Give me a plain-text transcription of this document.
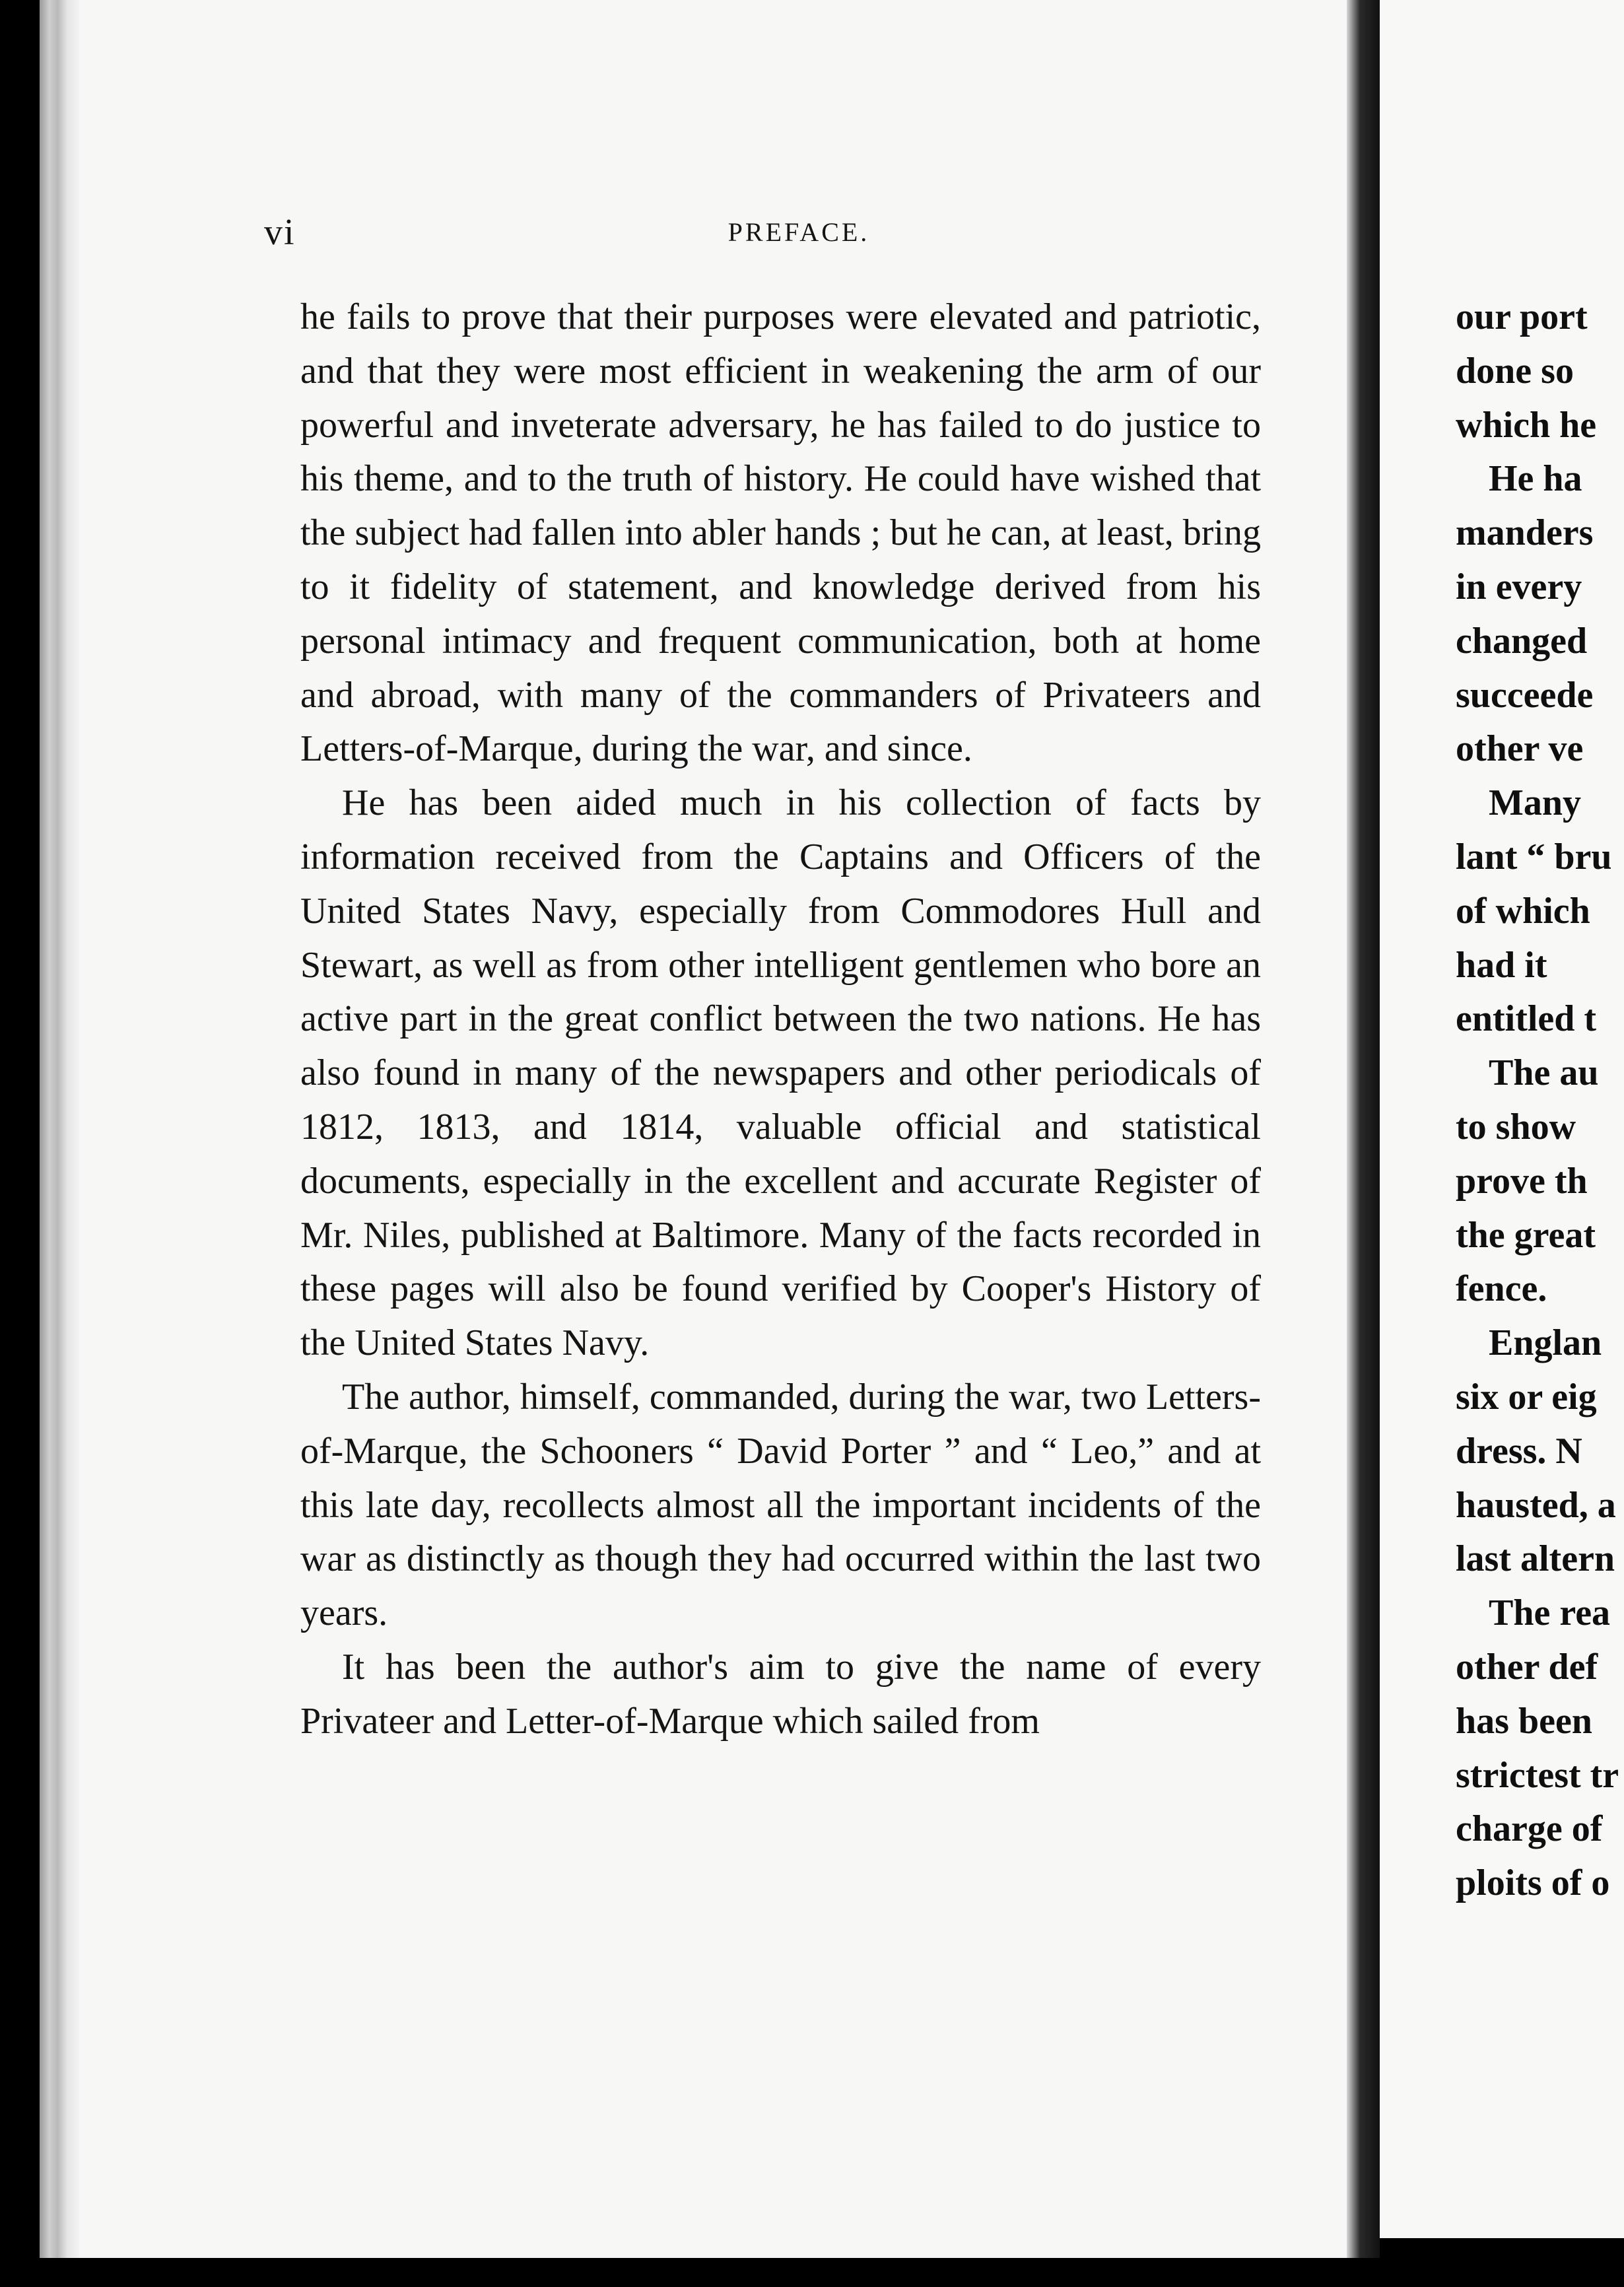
vi	PREFACE.

he fails to prove that their purposes were elevated and patriotic, and that they were most efficient in weakening the arm of our powerful and inveterate adversary, he has failed to do justice to his theme, and to the truth of history. He could have wished that the subject had fallen into abler hands ; but he can, at least, bring to it fidelity of statement, and knowledge derived from his personal intimacy and frequent communication, both at home and abroad, with many of the commanders of Privateers and Letters-of-Marque, during the war, and since.

He has been aided much in his collection of facts by information received from the Captains and Officers of the United States Navy, especially from Commodores Hull and Stewart, as well as from other intelligent gentlemen who bore an active part in the great conflict between the two nations. He has also found in many of the newspapers and other periodicals of 1812, 1813, and 1814, valuable official and statistical documents, especially in the excellent and accurate Register of Mr. Niles, published at Baltimore. Many of the facts recorded in these pages will also be found verified by Cooper's History of the United States Navy.

The author, himself, commanded, during the war, two Letters-of-Marque, the Schooners “ David Porter ” and “ Leo,” and at this late day, recollects almost all the important incidents of the war as distinctly as though they had occurred within the last two years.

It has been the author's aim to give the name of every Privateer and Letter-of-Marque which sailed from

our port
done so
which he
He ha
manders
in every
changed
succeede
other ve
Many
lant “ bru
of which
had it
entitled t
The au
to show
prove th
the great
fence.
Englan
six or eig
dress. N
hausted, a
last altern
The rea
other def
has been
strictest tr
charge of
ploits of o
